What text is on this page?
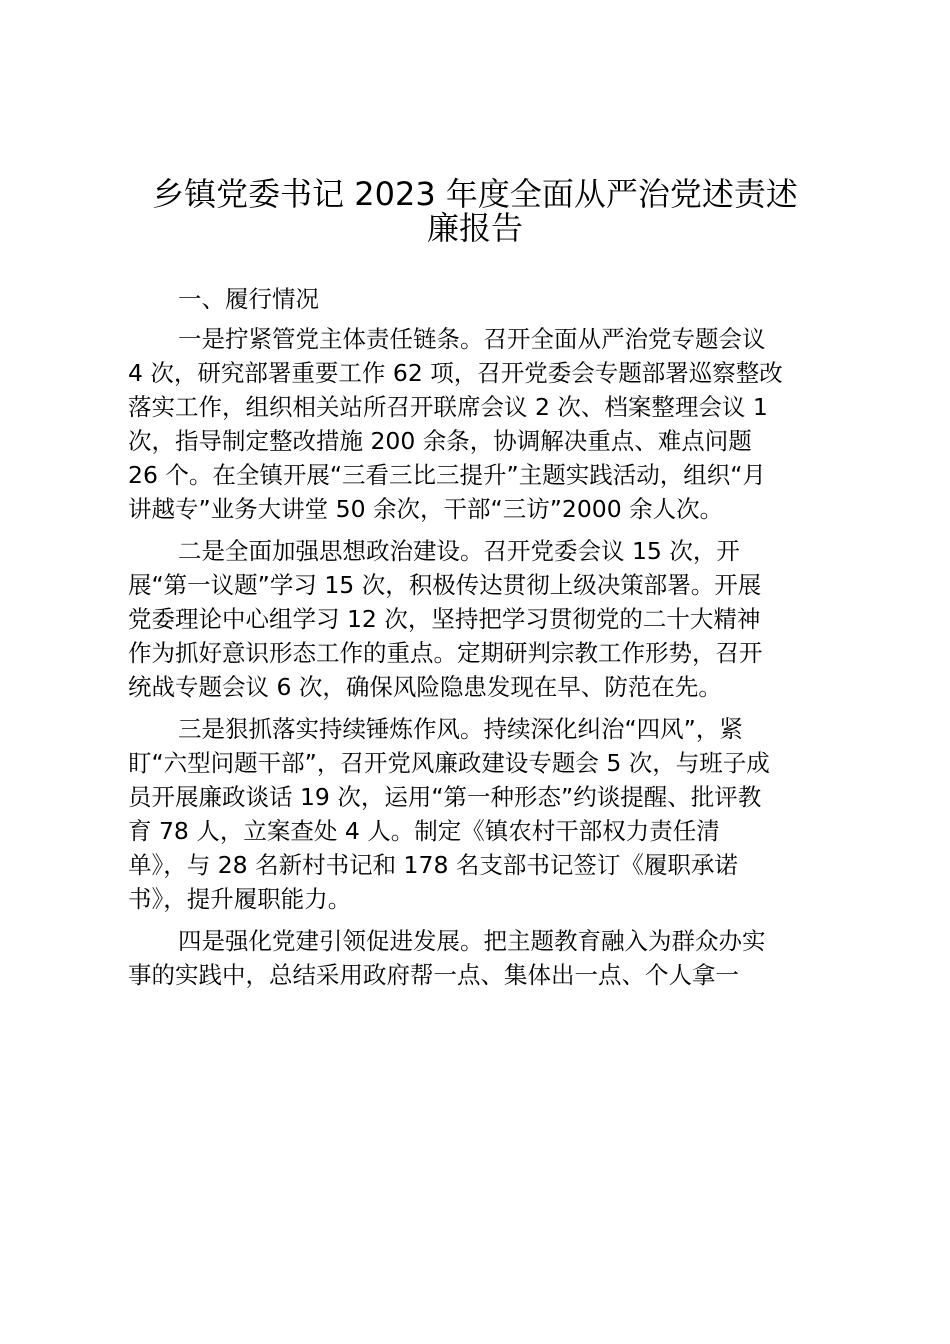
乡镇党委书记 2023 年度全面从严治党述责述
廉报告
一、履行情况
一是拧紧管党主体责任链条。召开全面从严治党专题会议
4 次，研究部署重要工作 62 项，召开党委会专题部署巡察整改
落实工作，组织相关站所召开联席会议 2 次、档案整理会议 1
次，指导制定整改措施 200 余条，协调解决重点、难点问题
26 个。在全镇开展“三看三比三提升”主题实践活动，组织“月
讲越专”业务大讲堂 50 余次，干部“三访”2000 余人次。
二是全面加强思想政治建设。召开党委会议 15 次，开
展“第一议题”学习 15 次，积极传达贯彻上级决策部署。开展
党委理论中心组学习 12 次，坚持把学习贯彻党的二十大精神
作为抓好意识形态工作的重点。定期研判宗教工作形势，召开
统战专题会议 6 次，确保风险隐患发现在早、防范在先。
三是狠抓落实持续锤炼作风。持续深化纠治“四风”，紧
盯“六型问题干部”，召开党风廉政建设专题会 5 次，与班子成
员开展廉政谈话 19 次，运用“第一种形态”约谈提醒、批评教
育 78 人，立案查处 4 人。制定《镇农村干部权力责任清
单》，与 28 名新村书记和 178 名支部书记签订《履职承诺
书》，提升履职能力。
四是强化党建引领促进发展。把主题教育融入为群众办实
事的实践中，总结采用政府帮一点、集体出一点、个人拿一
